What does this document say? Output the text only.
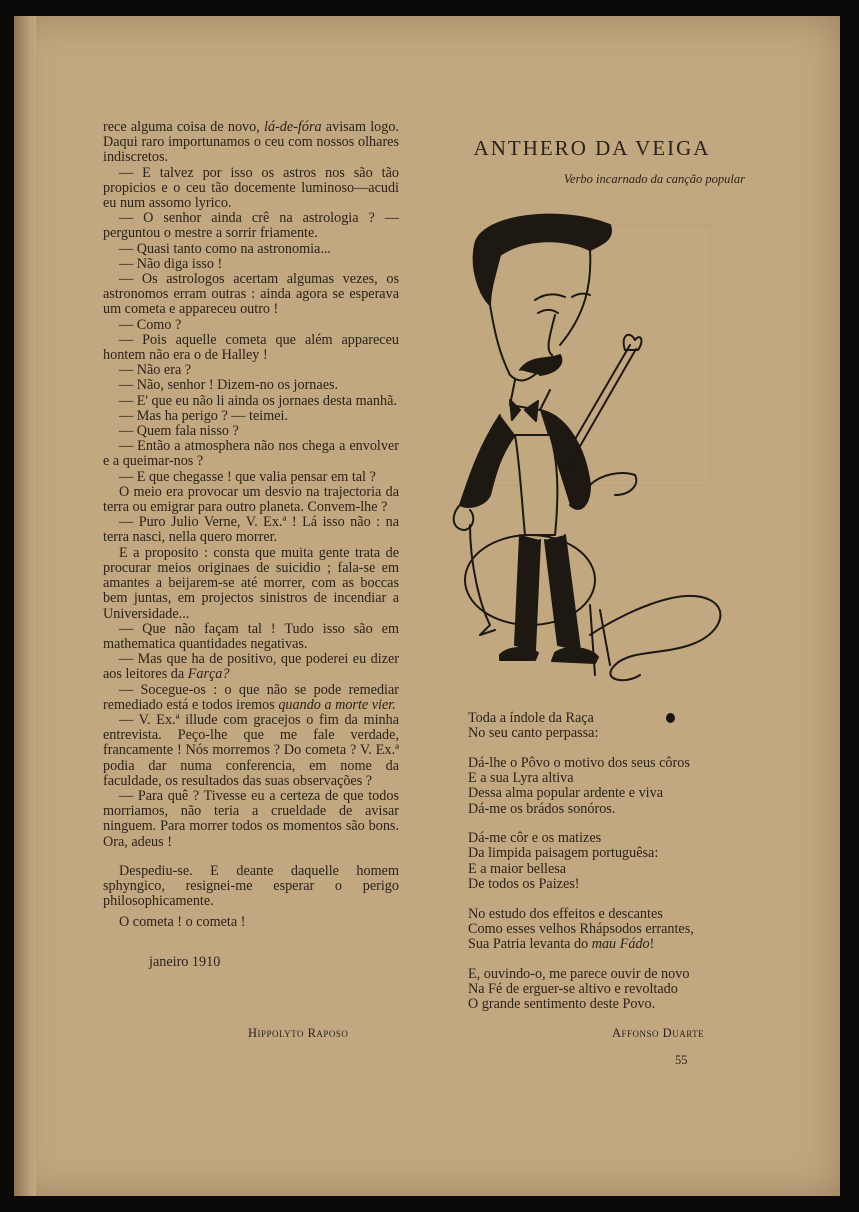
rece alguma coisa de novo, lá-de-fóra avisam logo. Daqui raro importunamos o ceu com nossos olhares indiscretos.

— E talvez por isso os astros nos são tão propicios e o ceu tão docemente luminoso—acudi eu num assomo lyrico.

— O senhor ainda crê na astrologia ? — perguntou o mestre a sorrir friamente.

— Quasi tanto como na astronomia...

— Não diga isso !

— Os astrologos acertam algumas vezes, os astronomos erram outras : ainda agora se esperava um cometa e appareceu outro !

— Como ?

— Pois aquelle cometa que além appareceu hontem não era o de Halley !

— Não era ?

— Não, senhor ! Dizem-no os jornaes.

— E' que eu não li ainda os jornaes desta manhã.

— Mas ha perigo ? — teimei.

— Quem fala nisso ?

— Então a atmosphera não nos chega a envolver e a queimar-nos ?

— E que chegasse ! que valia pensar em tal ?

O meio era provocar um desvio na trajectoria da terra ou emigrar para outro planeta. Convem-lhe ?

— Puro Julio Verne, V. Ex.ª ! Lá isso não : na terra nasci, nella quero morrer.

E a proposito : consta que muita gente trata de procurar meios originaes de suicidio ; fala-se em amantes a beijarem-se até morrer, com as boccas bem juntas, em projectos sinistros de incendiar a Universidade...

— Que não façam tal ! Tudo isso são em mathematica quantidades negativas.

— Mas que ha de positivo, que poderei eu dizer aos leitores da Farça?

— Socegue-os : o que não se pode remediar remediado está e todos iremos quando a morte vier.

— V. Ex.ª illude com gracejos o fim da minha entrevista. Peço-lhe que me fale verdade, francamente ! Nós morremos ? Do cometa ? V. Ex.ª podia dar numa conferencia, em nome da faculdade, os resultados das suas observações ?

— Para quê ? Tivesse eu a certeza de que todos morriamos, não teria a crueldade de avisar ninguem. Para morrer todos os momentos são bons. Ora, adeus !

Despediu-se. E deante daquelle homem sphyngico, resignei-me esperar o perigo philosophicamente.

O cometa ! o cometa !

janeiro 1910

Hippolyto Raposo
ANTHERO DA VEIGA
Verbo incarnado da canção popular
Toda a índole da Raça
No seu canto perpassa:
Dá-lhe o Pôvo o motivo dos seus côros
E a sua Lyra altiva
Dessa alma popular ardente e viva
Dá-me os brádos sonóros.
Dá-me côr e os matizes
Da limpida paisagem portuguêsa:
E a maior bellesa
De todos os Paizes!
No estudo dos effeitos e descantes
Como esses velhos Rhápsodos errantes,
Sua Patria levanta do mau Fádo!
E, ouvindo-o, me parece ouvir de novo
Na Fé de erguer-se altivo e revoltado
O grande sentimento deste Povo.
Affonso Duarte
55
